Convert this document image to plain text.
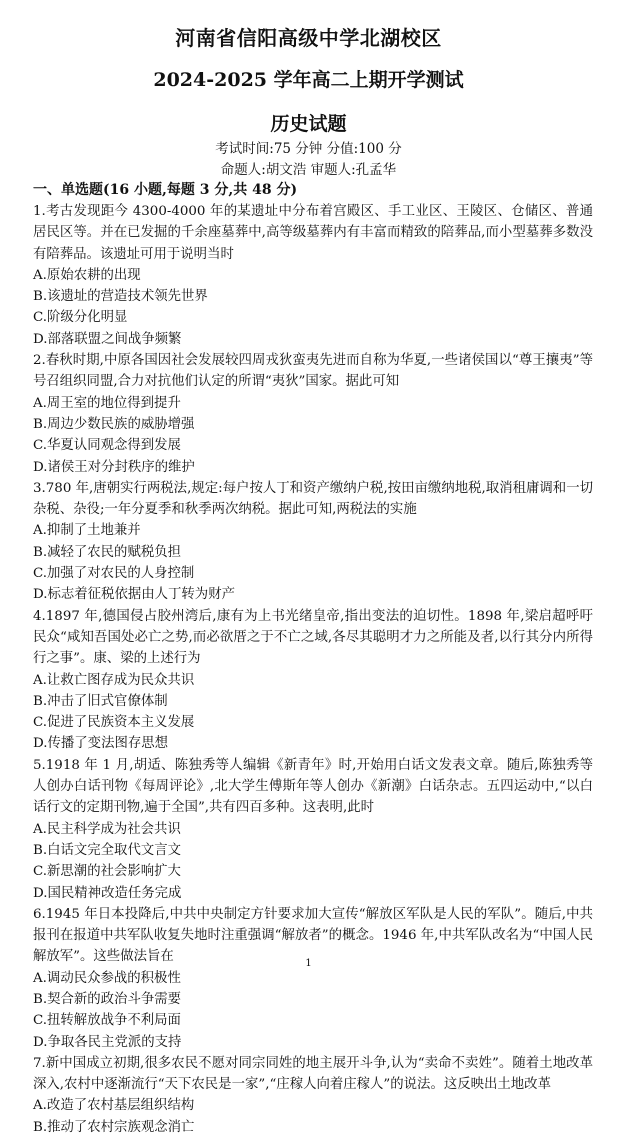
河南省信阳高级中学北湖校区
2024-2025 学年高二上期开学测试
历史试题
考试时间:75 分钟 分值:100 分
命题人:胡文浩 审题人:孔孟华
一、单选题(16 小题,每题 3 分,共 48 分)

1.考古发现距今 4300-4000 年的某遗址中分布着宫殿区、手工业区、王陵区、仓储区、普通居民区等。并在已发掘的千余座墓葬中,高等级墓葬内有丰富而精致的陪葬品,而小型墓葬多数没有陪葬品。该遗址可用于说明当时

A.原始农耕的出现
B.该遗址的营造技术领先世界
C.阶级分化明显
D.部落联盟之间战争频繁

2.春秋时期,中原各国因社会发展较四周戎狄蛮夷先进而自称为华夏,一些诸侯国以“尊王攘夷”等号召组织同盟,合力对抗他们认定的所谓“夷狄”国家。据此可知

A.周王室的地位得到提升
B.周边少数民族的威胁增强
C.华夏认同观念得到发展
D.诸侯王对分封秩序的维护

3.780 年,唐朝实行两税法,规定:每户按人丁和资产缴纳户税,按田亩缴纳地税,取消租庸调和一切杂税、杂役;一年分夏季和秋季两次纳税。据此可知,两税法的实施

A.抑制了土地兼并
B.减轻了农民的赋税负担
C.加强了对农民的人身控制
D.标志着征税依据由人丁转为财产

4.1897 年,德国侵占胶州湾后,康有为上书光绪皇帝,指出变法的迫切性。1898 年,梁启超呼吁民众“咸知吾国处必亡之势,而必欲厝之于不亡之域,各尽其聪明才力之所能及者,以行其分内所得行之事”。康、梁的上述行为

A.让救亡图存成为民众共识
B.冲击了旧式官僚体制
C.促进了民族资本主义发展
D.传播了变法图存思想

5.1918 年 1 月,胡适、陈独秀等人编辑《新青年》时,开始用白话文发表文章。随后,陈独秀等人创办白话刊物《每周评论》,北大学生傅斯年等人创办《新潮》白话杂志。五四运动中,“以白话行文的定期刊物,遍于全国”,共有四百多种。这表明,此时

A.民主科学成为社会共识
B.白话文完全取代文言文
C.新思潮的社会影响扩大
D.国民精神改造任务完成

6.1945 年日本投降后,中共中央制定方针要求加大宣传“解放区军队是人民的军队”。随后,中共报刊在报道中共军队收复失地时注重强调“解放者”的概念。1946 年,中共军队改名为“中国人民解放军”。这些做法旨在

A.调动民众参战的积极性
B.契合新的政治斗争需要
C.扭转解放战争不利局面
D.争取各民主党派的支持

7.新中国成立初期,很多农民不愿对同宗同姓的地主展开斗争,认为“卖命不卖姓”。随着土地改革深入,农村中逐渐流行“天下农民是一家”,“庄稼人向着庄稼人”的说法。这反映出土地改革

A.改造了农村基层组织结构
B.推动了农村宗族观念消亡
1
